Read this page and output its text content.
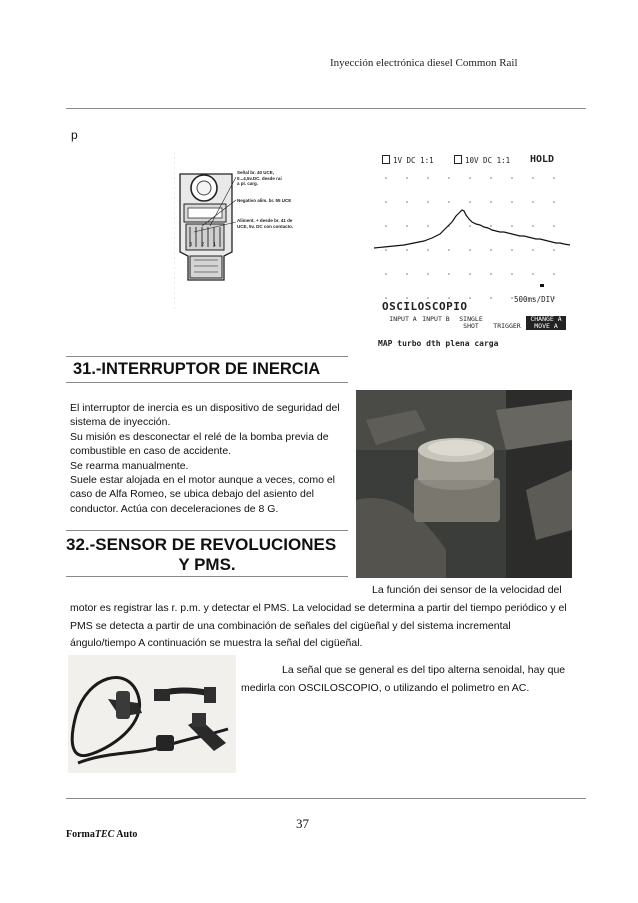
Inyección electrónica diesel Common Rail
p
3 2 1
Señal br. 40 UCE,
0...4,5v.DC. desde rai
a pl. carg.
Negativo alim. br. 55 UCE
Aliment. + desde br. 41 de
UCE, 5v. DC con contacto.
1V DC 1:1	10V DC 1:1 HOLD
500ms/DIV
OSCILOSCOPIO
INPUT A INPUT B	SINGLE SHOT	TRIGGER
CHANGE A MOVE A
MAP turbo dth plena carga
31.-INTERRUPTOR DE INERCIA
El interruptor de inercia es un dispositivo de seguridad del
sistema de inyección.
Su misión es desconectar el relé de la bomba previa de
combustible en caso de accidente.
Se rearma manualmente.
Suele estar alojada en el motor aunque a veces, como el
caso de Alfa Romeo, se ubica debajo del asiento del
conductor. Actúa con deceleraciones de 8 G.
32.-SENSOR DE REVOLUCIONES
Y PMS.
La función dei sensor de la velocidad del
motor es registrar las r. p.m. y detectar el PMS. La velocidad se determina a partir del tiempo periódico y el
PMS se detecta a partir de una combinación de señales del cigüeñal y del sistema incremental
ángulo/tiempo A continuación se muestra la señal del cigüeñal.
La señal que se general es del tipo alterna senoidal, hay que
medirla con OSCILOSCOPIO, o utilizando el polimetro en AC.
37
FormaTEC Auto
